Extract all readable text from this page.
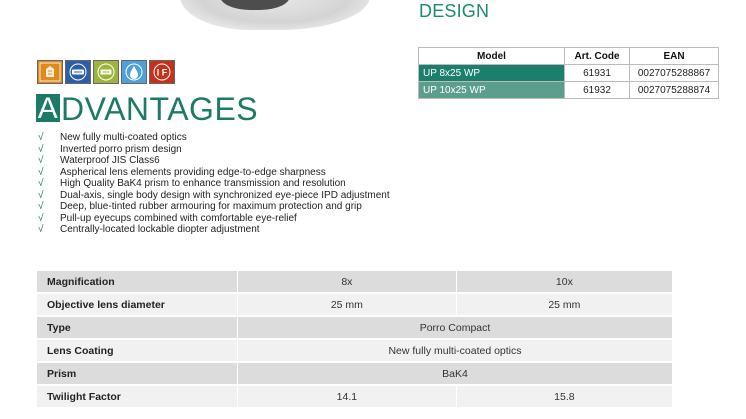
DESIGN
Model	Art. Code	EAN
UP 8x25 WP	61931	0027075288867
UP 10x25 WP	61932	0027075288874
I F
ADVANTAGES
√ New fully multi-coated optics
√ Inverted porro prism design
√ Waterproof JIS Class6
√ Aspherical lens elements providing edge-to-edge sharpness
√ High Quality BaK4 prism to enhance transmission and resolution
√ Dual-axis, single body design with synchronized eye-piece IPD adjustment
√ Deep, blue-tinted rubber armouring for maximum protection and grip
√ Pull-up eyecups combined with comfortable eye-relief
√ Centrally-located lockable diopter adjustment
Magnification	8x	10x
Objective lens diameter	25 mm	25 mm
Type	Porro Compact	
Lens Coating	New fully multi-coated optics	
Prism	BaK4	
Twilight Factor	14.1	15.8
